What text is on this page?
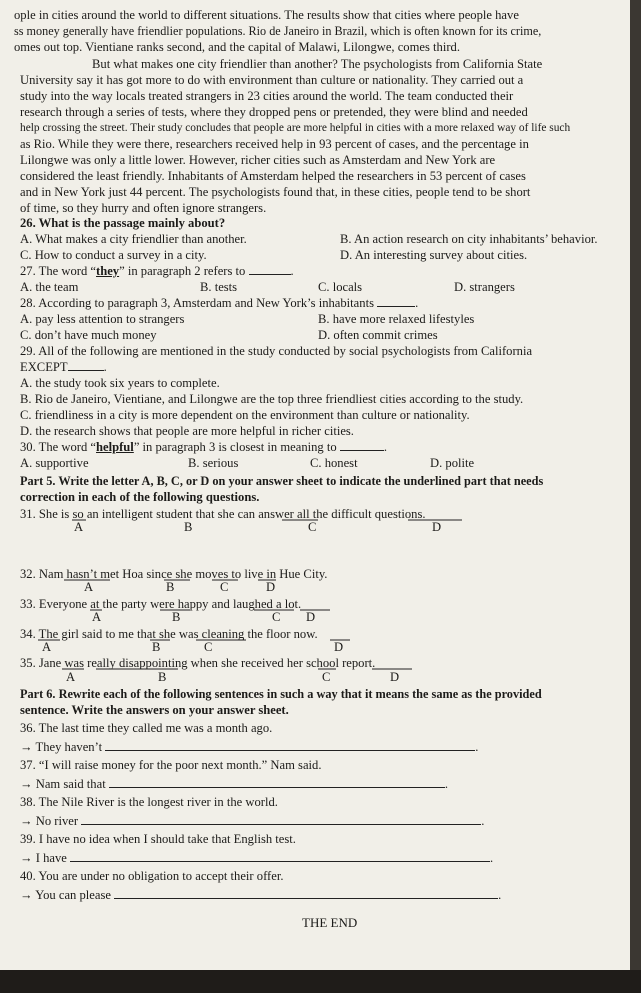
ople in cities around the world to different situations. The results show that cities where people have
ss money generally have friendlier populations. Rio de Janeiro in Brazil, which is often known for its crime,
omes out top. Vientiane ranks second, and the capital of Malawi, Lilongwe, comes third.
But what makes one city friendlier than another? The psychologists from California State
University say it has got more to do with environment than culture or nationality. They carried out a
study into the way locals treated strangers in 23 cities around the world. The team conducted their
research through a series of tests, where they dropped pens or pretended, they were blind and needed
help crossing the street. Their study concludes that people are more helpful in cities with a more relaxed way of life such
as Rio. While they were there, researchers received help in 93 percent of cases, and the percentage in
Lilongwe was only a little lower. However, richer cities such as Amsterdam and New York are
considered the least friendly. Inhabitants of Amsterdam helped the researchers in 53 percent of cases
and in New York just 44 percent. The psychologists found that, in these cities, people tend to be short
of time, so they hurry and often ignore strangers.
26. What is the passage mainly about?
A. What makes a city friendlier than another.	B. An action research on city inhabitants’ behavior.
C. How to conduct a survey in a city.	D. An interesting survey about cities.
27. The word “they” in paragraph 2 refers to	.
A. the team	B. tests	C. locals	D. strangers
28. According to paragraph 3, Amsterdam and New York’s inhabitants	.
A. pay less attention to strangers	B. have more relaxed lifestyles
C. don’t have much money	D. often commit crimes
29. All of the following are mentioned in the study conducted by social psychologists from California
EXCEPT	.
A. the study took six years to complete.
B. Rio de Janeiro, Vientiane, and Lilongwe are the top three friendliest cities according to the study.
C. friendliness in a city is more dependent on the environment than culture or nationality.
D. the research shows that people are more helpful in richer cities.
30. The word “helpful” in paragraph 3 is closest in meaning to	.
A. supportive	B. serious	C. honest	D. polite
Part 5. Write the letter A, B, C, or D on your answer sheet to indicate the underlined part that needs
correction in each of the following questions.
31. She is so an intelligent student that she can answer all the difficult questions.
A	B	C	D
32. Nam hasn’t met Hoa since she moves to live in Hue City.
A	B	C	D
33. Everyone at the party were happy and laughed a lot.
A	B	C D
34. The girl said to me that she was cleaning the floor now.
A	B	C	D
35. Jane was really disappointing when she received her school report.
A	B	C	D
Part 6. Rewrite each of the following sentences in such a way that it means the same as the provided
sentence. Write the answers on your answer sheet.
36. The last time they called me was a month ago.
→ They haven’t	.
37. “I will raise money for the poor next month.” Nam said.
→ Nam said that	.
38. The Nile River is the longest river in the world.
→ No river	.
39. I have no idea when I should take that English test.
→ I have	.
40. You are under no obligation to accept their offer.
→ You can please	.
THE END
